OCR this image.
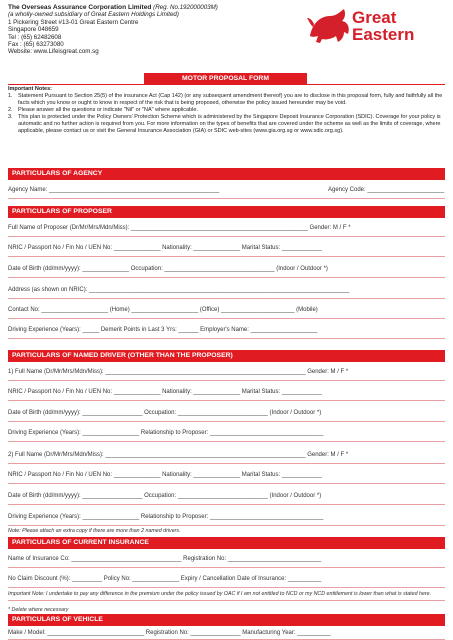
The Overseas Assurance Corporation Limited (Reg. No.192000003M)
(a wholly-owned subsidiary of Great Eastern Holdings Limited)
1 Pickering Street #13-01 Great Eastern Centre
Singapore 048659
Tel : (65) 62482608
Fax : (65) 63273080
Website: www.Lifeisgreat.com.sg
Great
Eastern
MOTOR PROPOSAL FORM
Important Notes:
1. Statement Pursuant to Section 25(5) of the insurance Act (Cap 142) (or any subsequent amendment thereof) you are to disclose in this proposal form, fully and faithfully all the facts which you know or ought to know in respect of the risk that is being proposed, otherwise the policy issued hereunder may be void.
2. Please answer all the questions or indicate "Nil" or "NA" where applicable.
3. This plan is protected under the Policy Owners' Protection Scheme which is administered by the Singapore Deposit Insurance Corporation (SDIC). Coverage for your policy is automatic and no further action is required from you. For more information on the types of benefits that are covered under the scheme as well as the limits of coverage, where applicable, please contact us or visit the General Insurance Association (GIA) or SDIC web-sites (www.gia.org.sg or www.sdic.org.sg).
PARTICULARS OF AGENCY
Agency Name: ___________________________________________________	Agency Code: _______________________
PARTICULARS OF PROPOSER
Full Name of Proposer (Dr/Mr/Mrs/Mdn/Miss): _____________________________________________________ Gender: M / F *
NRIC / Passport No / Fin No / UEN No: ______________ Nationality: ______________ Marital Status: ____________
Date of Birth (dd/mm/yyyy): ______________ Occupation: _________________________________ (Indoor / Outdoor *)
Address (as shown on NRIC): ______________________________________________________________________________
Contact No: ____________________ (Home) ____________________ (Office) ______________________ (Mobile)
Driving Experience (Years): _____ Demerit Points in Last 3 Yrs: ______ Employer's Name: ____________________
PARTICULARS OF NAMED DRIVER (OTHER THAN THE PROPOSER)
1) Full Name (Dr/Mr/Mrs/Mdn/Miss): ____________________________________________________________ Gender: M / F *
NRIC / Passport No / Fin No / UEN No: ______________ Nationality: ______________ Marital Status: ____________
Date of Birth (dd/mm/yyyy): __________________ Occupation: ___________________________ (Indoor / Outdoor *)
Driving Experience (Years): _________________ Relationship to Proposer: __________________________________
2) Full Name (Dr/Mr/Mrs/Mdn/Miss): ____________________________________________________________ Gender: M / F *
NRIC / Passport No / Fin No / UEN No: ______________ Nationality: ______________ Marital Status: ____________
Date of Birth (dd/mm/yyyy): __________________ Occupation: ___________________________ (Indoor / Outdoor *)
Driving Experience (Years): _________________ Relationship to Proposer: __________________________________
Note: Please attach an extra copy if there are more than 2 named drivers.
PARTICULARS OF CURRENT INSURANCE
Name of Insurance Co: _________________________________ Registration No: ____________________________
No Claim Discount (%): _________ Policy No: ______________ Expiry / Cancellation Date of Insurance: __________
Important Note: I undertake to pay any difference in the premium under the policy issued by OAC if I am not entitled to NCD or my NCD entitlement is lower than what is stated here.
* Delete where necessary
PARTICULARS OF VEHICLE
Make / Model: _____________________________ Registration No: _______________ Manufacturing Year: __________
